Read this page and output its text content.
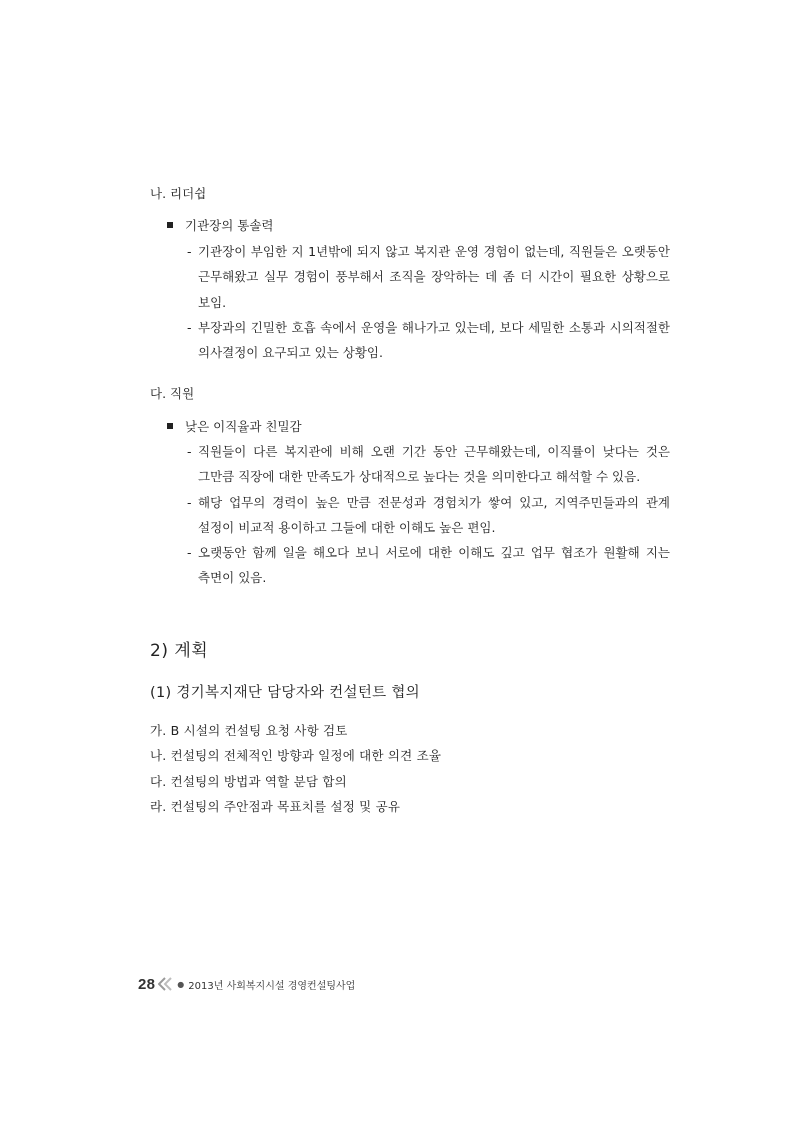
나. 리더쉽
기관장의 통솔력
- 기관장이 부임한 지 1년밖에 되지 않고 복지관 운영 경험이 없는데, 직원들은 오랫동안 근무해왔고 실무 경험이 풍부해서 조직을 장악하는 데 좀 더 시간이 필요한 상황으로 보임.
- 부장과의 긴밀한 호흡 속에서 운영을 해나가고 있는데, 보다 세밀한 소통과 시의적절한 의사결정이 요구되고 있는 상황임.
다. 직원
낮은 이직율과 친밀감
- 직원들이 다른 복지관에 비해 오랜 기간 동안 근무해왔는데, 이직률이 낮다는 것은 그만큼 직장에 대한 만족도가 상대적으로 높다는 것을 의미한다고 해석할 수 있음.
- 해당 업무의 경력이 높은 만큼 전문성과 경험치가 쌓여 있고, 지역주민들과의 관계 설정이 비교적 용이하고 그들에 대한 이해도 높은 편임.
- 오랫동안 함께 일을 해오다 보니 서로에 대한 이해도 깊고 업무 협조가 원활해 지는 측면이 있음.
2) 계획
(1) 경기복지재단 담당자와 컨설턴트 협의
가. B 시설의 컨설팅 요청 사항 검토
나. 컨설팅의 전체적인 방향과 일정에 대한 의견 조율
다. 컨설팅의 방법과 역할 분담 합의
라. 컨설팅의 주안점과 목표치를 설정 및 공유
28	● 2013년 사회복지시설 경영컨설팅사업
